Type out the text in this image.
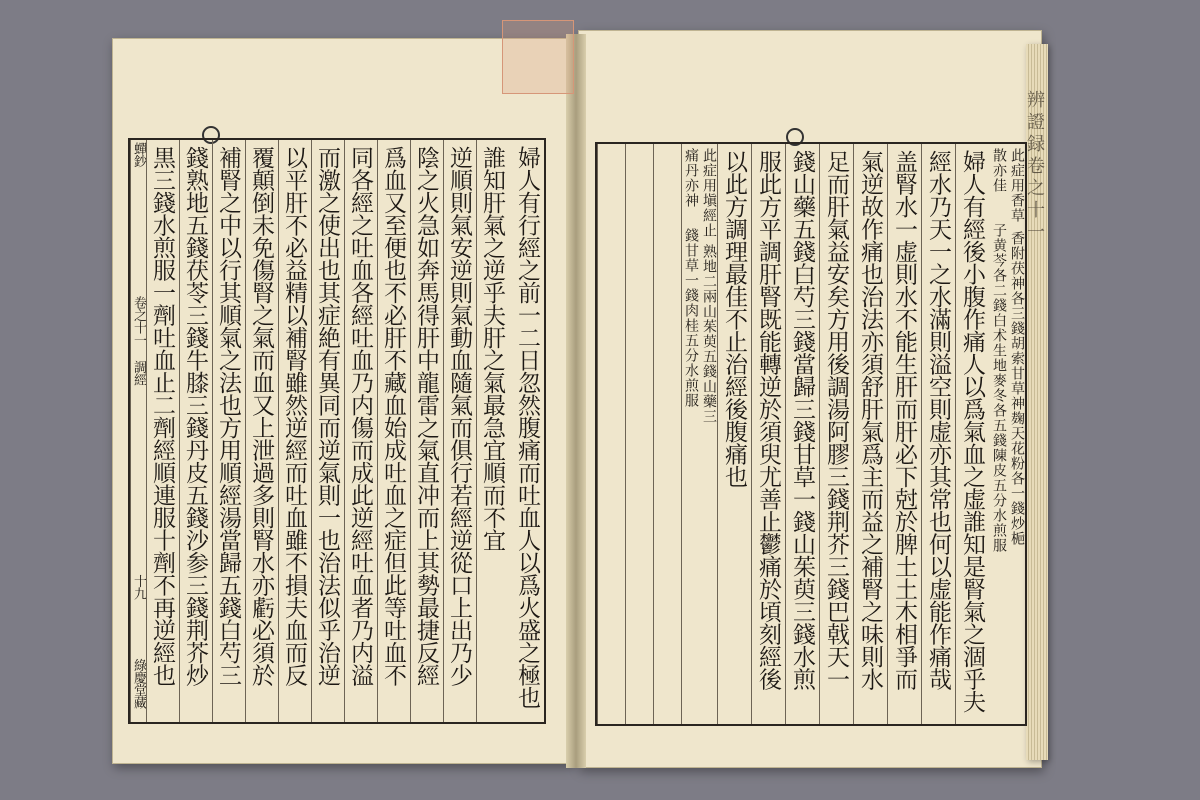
辨證録卷之十一
婦人有行經之前一二日忽然腹痛而吐血人以爲火盛之極也
誰知肝氣之逆乎夫肝之氣最急宜順而不宜
逆順則氣安逆則氣動血隨氣而俱行若經逆從口上出乃少
陰之火急如奔馬得肝中龍雷之氣直冲而上其勢最捷反經
爲血又至便也不必肝不藏血始成吐血之症但此等吐血不
同各經之吐血各經吐血乃内傷而成此逆經吐血者乃内溢
而激之使出也其症絶有異同而逆氣則一也治法似乎治逆
以平肝不必益精以補腎雖然逆經而吐血雖不損夫血而反
覆顛倒未免傷腎之氣而血又上泄過多則腎水亦虧必須於
補腎之中以行其順氣之法也方用順經湯當歸五錢白芍三
錢熟地五錢茯苓三錢牛膝三錢丹皮五錢沙参三錢荆芥炒
黒三錢水煎服一劑吐血止二劑經順連服十劑不再逆經也
蟬鈔  卷之十一 調經  十九  綠慶堂藏
此症用香草香附茯神各三錢胡索甘草神麹天花粉各一錢炒梔
散亦佳子黄芩各二錢白术生地麥冬各五錢陳皮五分水煎服
婦人有經後小腹作痛人以爲氣血之虚誰知是腎氣之涸乎夫
經水乃天一之水滿則溢空則虚亦其常也何以虚能作痛哉
盖腎水一虚則水不能生肝而肝必下尅於脾土土木相爭而
氣逆故作痛也治法亦須舒肝氣爲主而益之補腎之味則水
足而肝氣益安矣方用後調湯阿膠三錢荆芥三錢巴戟天一
錢山藥五錢白芍三錢當歸三錢甘草一錢山茱萸三錢水煎
服此方平調肝腎既能轉逆於須臾尤善止鬱痛於頃刻經後
以此方調理最佳不止治經後腹痛也
此症用塡經止熟地二兩山茱萸五錢山藥三
痛丹亦神錢甘草一錢肉桂五分水煎服
